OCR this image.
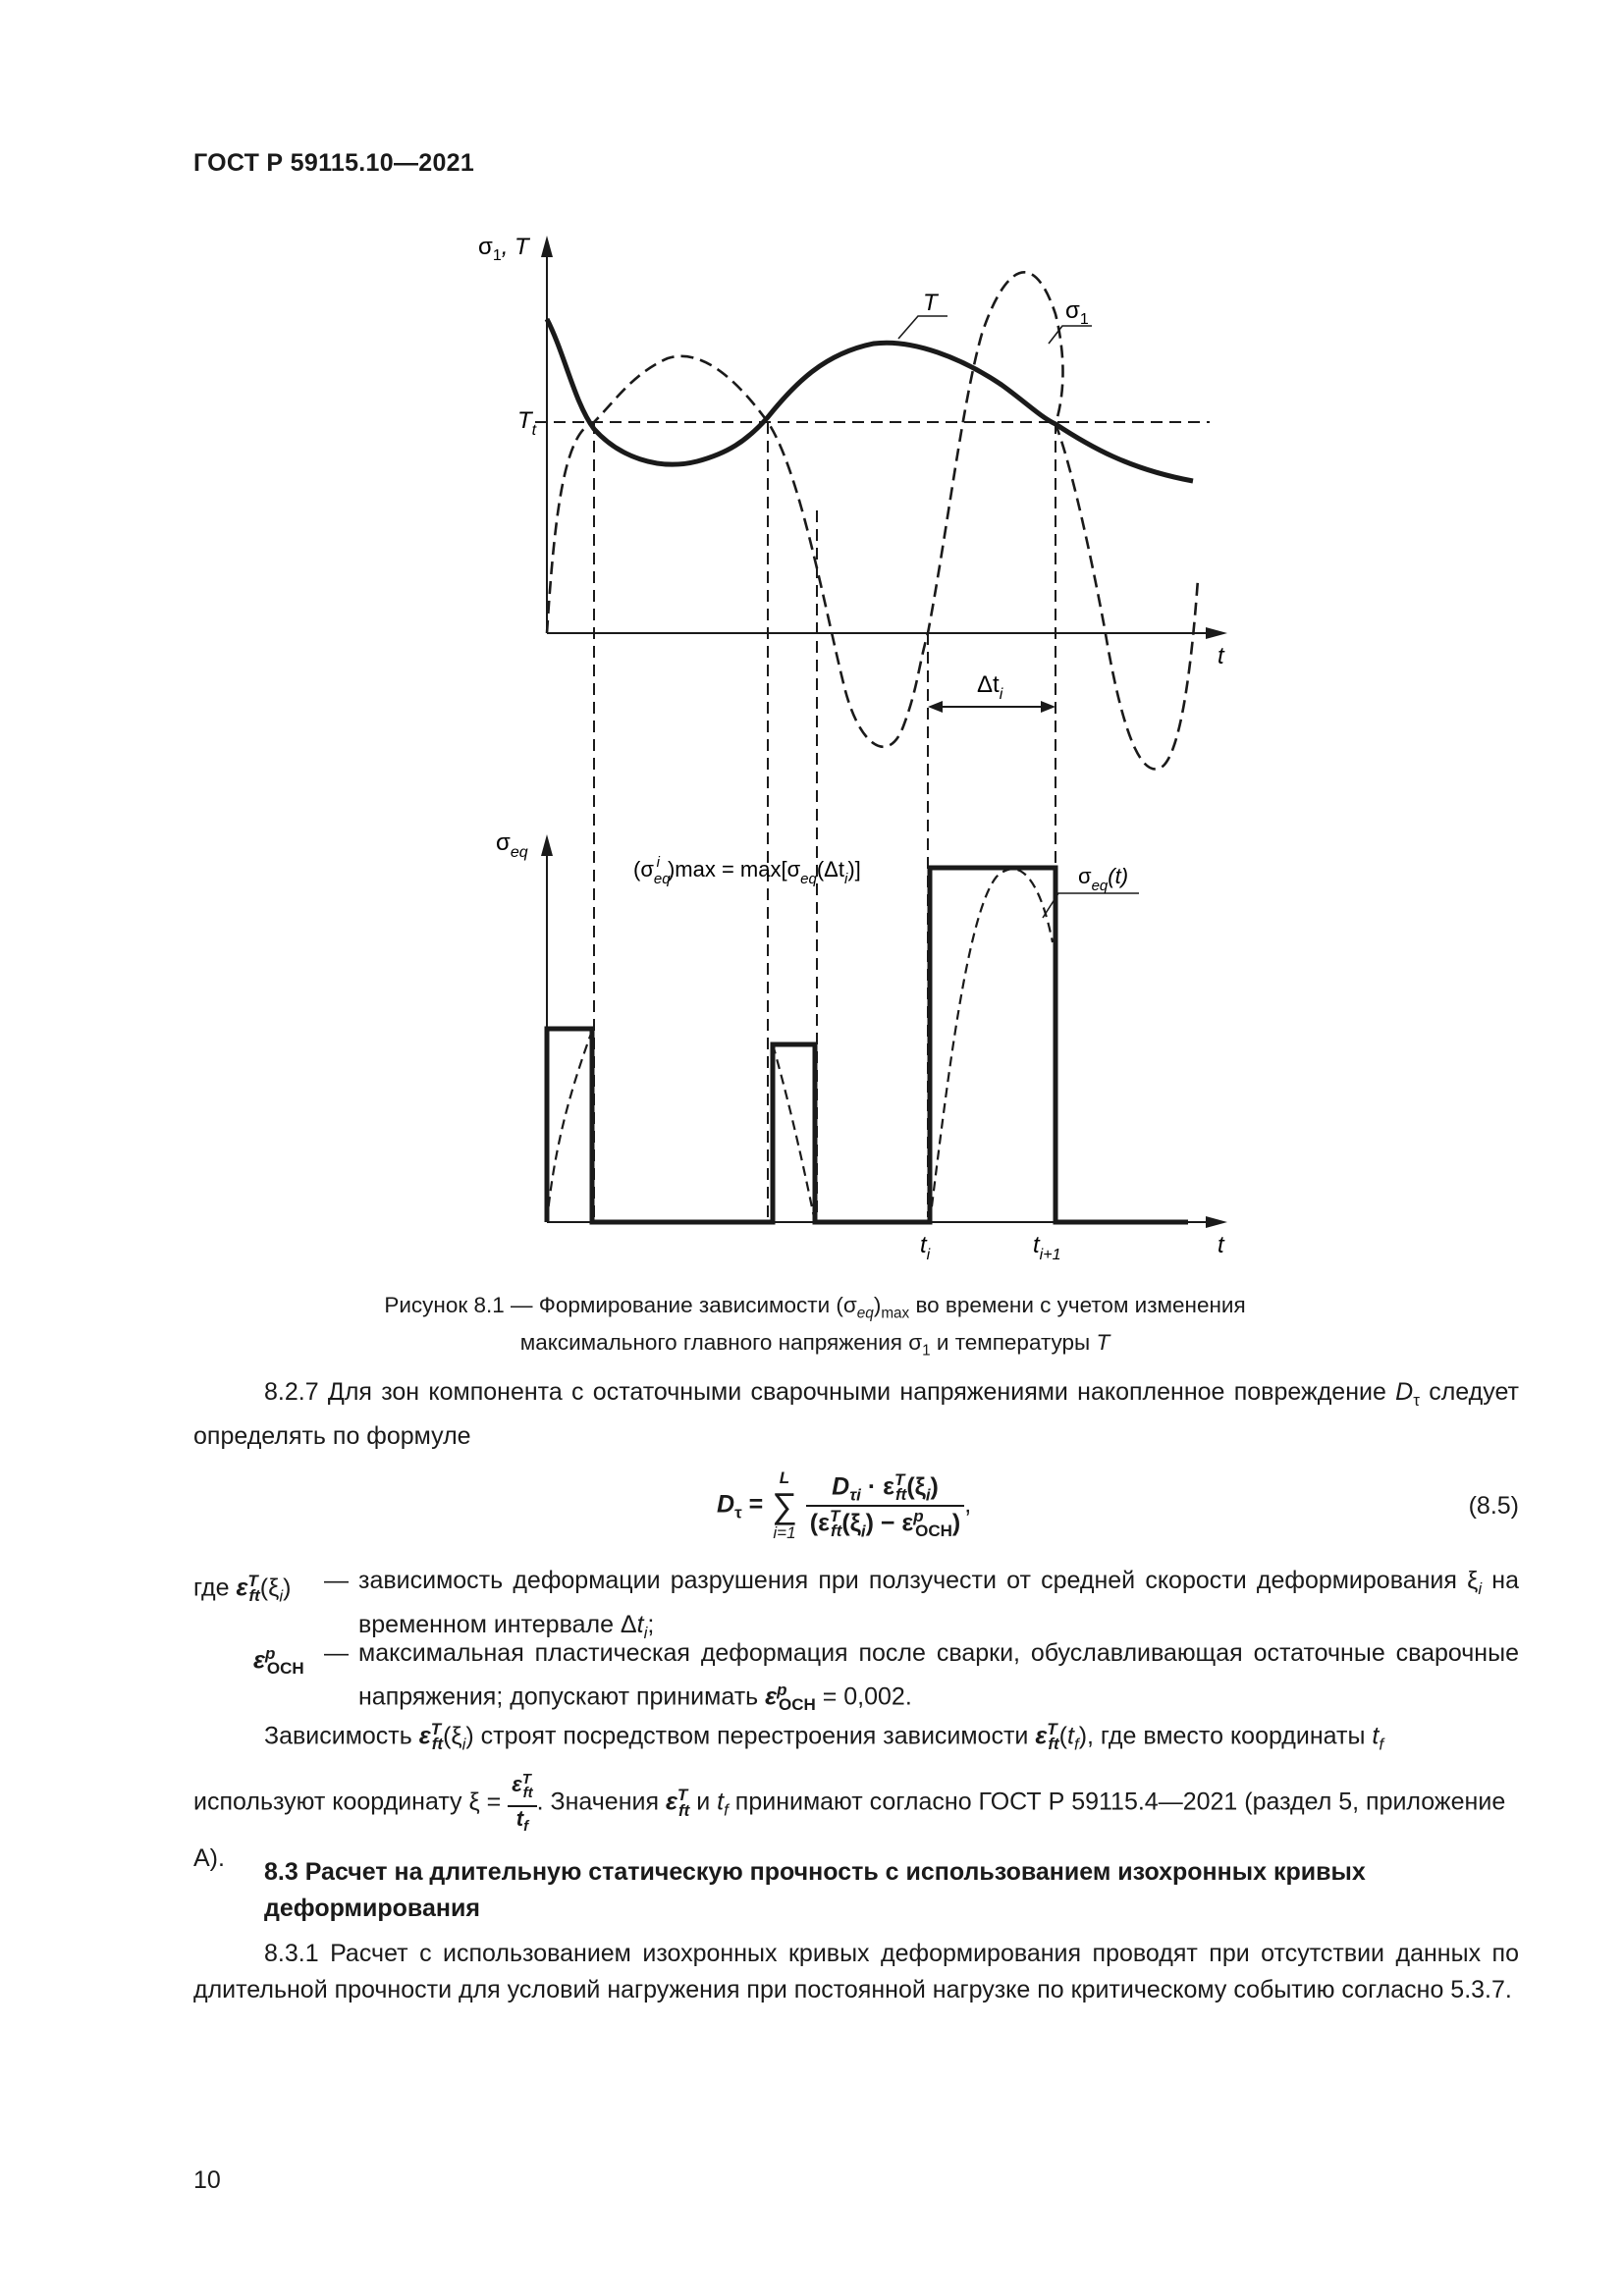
ГОСТ Р 59115.10—2021
$\sigma_1$, T
$T_t$
T	$\sigma_1$
t
$\Delta t_i$
$\sigma_{eq}$
($\sigma_{eq}i$ )$\max = \max[\sigma_{eq}(\Delta t_i)]$	$\sigma_{eq}(t)$
$t_i$	$t_{i+1}$	t
Рисунок 8.1 — Формирование зависимости $(\sigma_{eq})_{max}$ во времени с учетом изменения
максимального главного напряжения $\sigma_1$ и температуры T
8.2.7 Для зон компонента с остаточными сварочными напряжениями накопленное повреждение $D_\tau$ следует определять по формуле
$D_\tau$ =
L
∑
i=1
$\frac{D_{\tau i} \cdot \varepsilon^T_{ft}(\xi_i)}{(\varepsilon^T_{ft}(\xi_i) - \varepsilon^p_{ОСН})}$ ,	(8.5)
где $\varepsilon^T_{ft}(\xi_i)$ — зависимость деформации разрушения при ползучести от средней скорости деформирования $\xi_i$ на временном интервале $\Delta t_i$;
$\varepsilon^p_{ОСН}$
— максимальная пластическая деформация после сварки, обуславливающая остаточные сварочные напряжения; допускают принимать $\varepsilon^p_{ОСН} = 0,002$.
Зависимость $\varepsilon^T_{ft}(\xi_i)$ строят посредством перестроения зависимости $\varepsilon^T_{ft}(t_f)$, где вместо координаты $t_f$
используют координату $\xi = \frac{\varepsilon^T_{ft}}{t_f}$ . Значения $\varepsilon^T_{ft}$ и $t_f$ принимают согласно ГОСТ Р 59115.4—2021 (раздел 5, приложение А).
8.3 Расчет на длительную статическую прочность с использованием изохронных кривых деформирования
8.3.1 Расчет с использованием изохронных кривых деформирования проводят при отсутствии данных по длительной прочности для условий нагружения при постоянной нагрузке по критическому событию согласно 5.3.7.
10
